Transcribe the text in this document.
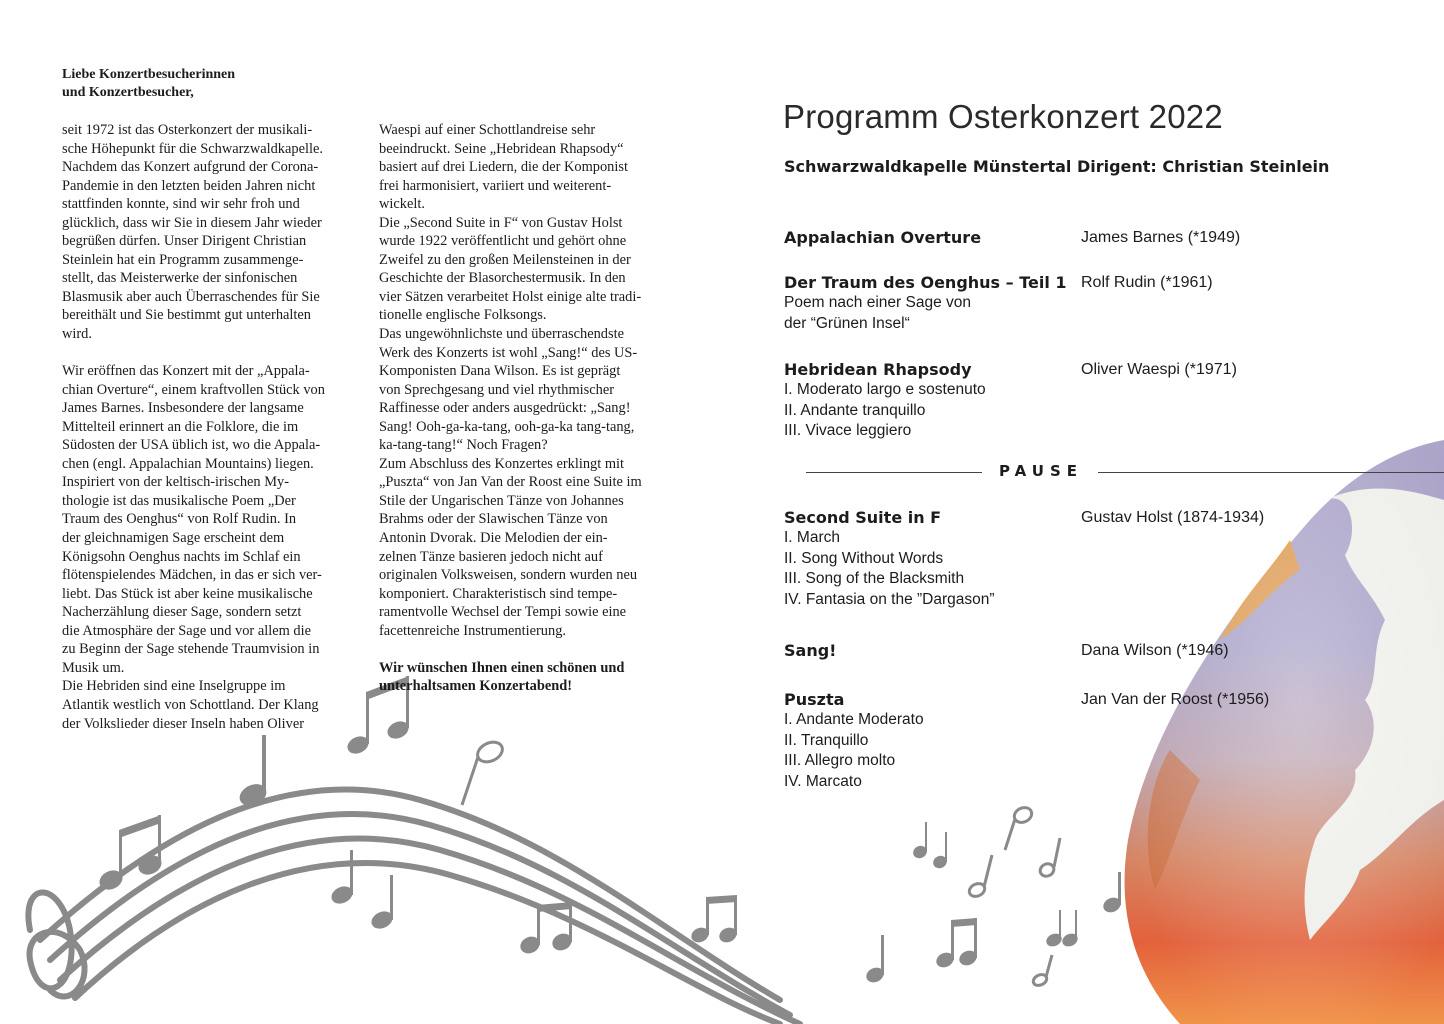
Liebe Konzertbesucherinnen
und Konzertbesucher,

seit 1972 ist das Osterkonzert der musikali-

sche Höhepunkt für die Schwarzwaldkapelle.

Nachdem das Konzert aufgrund der Corona-

Pandemie in den letzten beiden Jahren nicht

stattfinden konnte, sind wir sehr froh und

glücklich, dass wir Sie in diesem Jahr wieder

begrüßen dürfen. Unser Dirigent Christian

Steinlein hat ein Programm zusammenge-

stellt, das Meisterwerke der sinfonischen

Blasmusik aber auch Überraschendes für Sie

bereithält und Sie bestimmt gut unterhalten

wird.

Wir eröffnen das Konzert mit der „Appala-

chian Overture“, einem kraftvollen Stück von

James Barnes. Insbesondere der langsame

Mittelteil erinnert an die Folklore, die im

Südosten der USA üblich ist, wo die Appala-

chen (engl. Appalachian Mountains) liegen.

Inspiriert von der keltisch-irischen My-

thologie ist das musikalische Poem „Der

Traum des Oenghus“ von Rolf Rudin. In

der gleichnamigen Sage erscheint dem

Königsohn Oenghus nachts im Schlaf ein

flötenspielendes Mädchen, in das er sich ver-

liebt. Das Stück ist aber keine musikalische

Nacherzählung dieser Sage, sondern setzt

die Atmosphäre der Sage und vor allem die

zu Beginn der Sage stehende Traumvision in

Musik um.

Die Hebriden sind eine Inselgruppe im

Atlantik westlich von Schottland. Der Klang

der Volkslieder dieser Inseln haben Oliver

Waespi auf einer Schottlandreise sehr

beeindruckt. Seine „Hebridean Rhapsody“

basiert auf drei Liedern, die der Komponist

frei harmonisiert, variiert und weiterent-

wickelt.

Die „Second Suite in F“ von Gustav Holst

wurde 1922 veröffentlicht und gehört ohne

Zweifel zu den großen Meilensteinen in der

Geschichte der Blasorchestermusik. In den

vier Sätzen verarbeitet Holst einige alte tradi-

tionelle englische Folksongs.

Das ungewöhnlichste und überraschendste

Werk des Konzerts ist wohl „Sang!“ des US-

Komponisten Dana Wilson. Es ist geprägt

von Sprechgesang und viel rhythmischer

Raffinesse oder anders ausgedrückt: „Sang!

Sang! Ooh-ga-ka-tang, ooh-ga-ka tang-tang,

ka-tang-tang!“ Noch Fragen?

Zum Abschluss des Konzertes erklingt mit

„Puszta“ von Jan Van der Roost eine Suite im

Stile der Ungarischen Tänze von Johannes

Brahms oder der Slawischen Tänze von

Antonin Dvorak. Die Melodien der ein-

zelnen Tänze basieren jedoch nicht auf

originalen Volksweisen, sondern wurden neu

komponiert. Charakteristisch sind tempe-

ramentvolle Wechsel der Tempi sowie eine

facettenreiche Instrumentierung.

Wir wünschen Ihnen einen schönen und

unterhaltsamen Konzertabend!

Programm Osterkonzert 2022
Schwarzwaldkapelle Münstertal Dirigent: Christian Steinlein
Appalachian Overture	James Barnes (*1949)
Der Traum des Oenghus – Teil 1 Rolf Rudin (*1961)
Poem nach einer Sage von
der “Grünen Insel“
Hebridean Rhapsody	Oliver Waespi (*1971)
I. Moderato largo e sostenuto
II. Andante tranquillo
III. Vivace leggiero
PAUSE
Second Suite in F	Gustav Holst (1874-1934)
I. March
II. Song Without Words
III. Song of the Blacksmith
IV. Fantasia on the ”Dargason”
Sang!	Dana Wilson (*1946)
Puszta	Jan Van der Roost (*1956)
I. Andante Moderato
II. Tranquillo
III. Allegro molto
IV. Marcato
